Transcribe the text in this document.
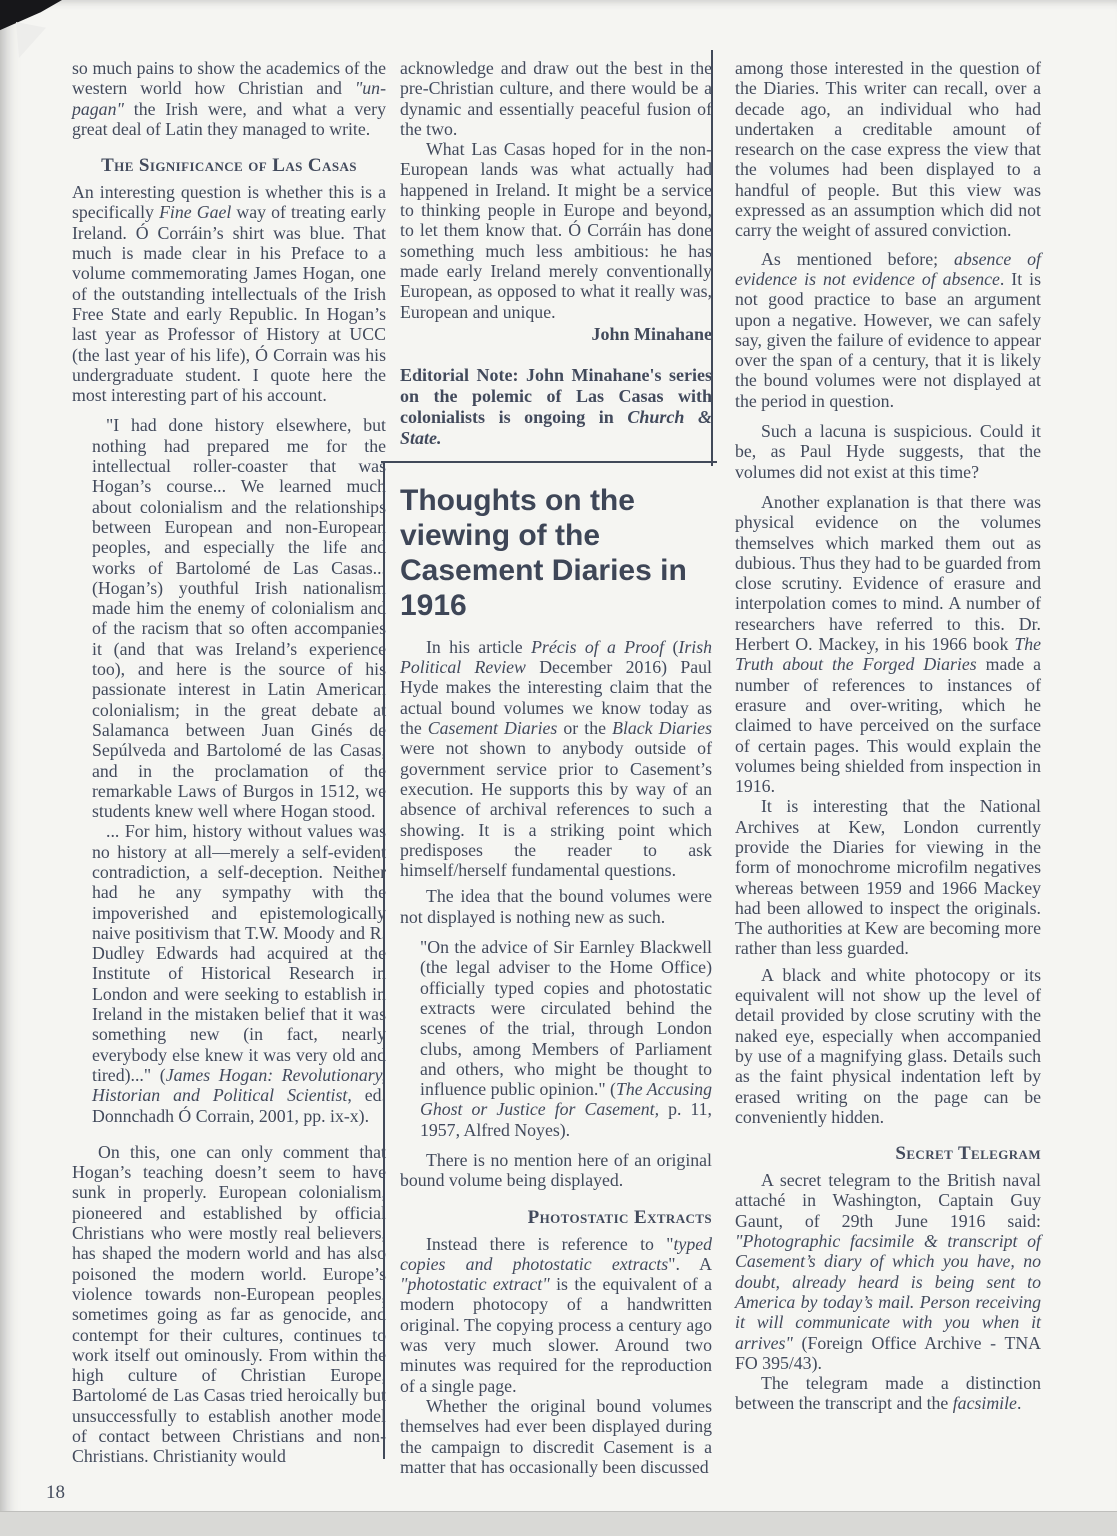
so much pains to show the academics of the western world how Christian and "un-pagan" the Irish were, and what a very great deal of Latin they managed to write.

The Significance of Las Casas

An interesting question is whether this is a specifically Fine Gael way of treating early Ireland. Ó Corráin’s shirt was blue. That much is made clear in his Preface to a volume commemorating James Hogan, one of the outstanding intellectuals of the Irish Free State and early Republic. In Hogan’s last year as Professor of History at UCC (the last year of his life), Ó Corrain was his undergraduate student. I quote here the most interesting part of his account.

"I had done history elsewhere, but nothing had prepared me for the intellectual roller-coaster that was Hogan’s course... We learned much about colonialism and the relationships between European and non-European peoples, and especially the life and works of Bartolomé de Las Casas... (Hogan’s) youthful Irish nationalism made him the enemy of colonialism and of the racism that so often accompanies it (and that was Ireland’s experience too), and here is the source of his passionate interest in Latin American colonialism; in the great debate at Salamanca between Juan Ginés de Sepúlveda and Bartolomé de las Casas, and in the proclamation of the remarkable Laws of Burgos in 1512, we students knew well where Hogan stood.

... For him, history without values was no history at all—merely a self-evident contradiction, a self-deception. Neither had he any sympathy with the impoverished and epistemologically naive positivism that T.W. Moody and R. Dudley Edwards had acquired at the Institute of Historical Research in London and were seeking to establish in Ireland in the mistaken belief that it was something new (in fact, nearly everybody else knew it was very old and tired)..." (James Hogan: Revolutionary, Historian and Political Scientist, ed. Donnchadh Ó Corrain, 2001, pp. ix-x).

On this, one can only comment that Hogan’s teaching doesn’t seem to have sunk in properly. European colonialism, pioneered and established by official Christians who were mostly real believers, has shaped the modern world and has also poisoned the modern world. Europe’s violence towards non-European peoples, sometimes going as far as genocide, and contempt for their cultures, continues to work itself out ominously. From within the high culture of Christian Europe, Bartolomé de Las Casas tried heroically but unsuccessfully to establish another model of contact between Christians and non-Christians. Christianity would

acknowledge and draw out the best in the pre-Christian culture, and there would be a dynamic and essentially peaceful fusion of the two.

What Las Casas hoped for in the non-European lands was what actually had happened in Ireland. It might be a service to thinking people in Europe and beyond, to let them know that. Ó Corráin has done something much less ambitious: he has made early Ireland merely conventionally European, as opposed to what it really was, European and unique.

John Minahane

Editorial Note: John Minahane's series on the polemic of Las Casas with colonialists is ongoing in Church & State.

Thoughts on the viewing of the Casement Diaries in 1916

In his article Précis of a Proof (Irish Political Review December 2016) Paul Hyde makes the interesting claim that the actual bound volumes we know today as the Casement Diaries or the Black Diaries were not shown to anybody outside of government service prior to Casement’s execution. He supports this by way of an absence of archival references to such a showing. It is a striking point which predisposes the reader to ask himself/herself fundamental questions.

The idea that the bound volumes were not displayed is nothing new as such.

"On the advice of Sir Earnley Blackwell (the legal adviser to the Home Office) officially typed copies and photostatic extracts were circulated behind the scenes of the trial, through London clubs, among Members of Parliament and others, who might be thought to influence public opinion." (The Accusing Ghost or Justice for Casement, p. 11, 1957, Alfred Noyes).

There is no mention here of an original bound volume being displayed.

Photostatic Extracts

Instead there is reference to "typed copies and photostatic extracts". A "photostatic extract" is the equivalent of a modern photocopy of a handwritten original. The copying process a century ago was very much slower. Around two minutes was required for the reproduction of a single page.

Whether the original bound volumes themselves had ever been displayed during the campaign to discredit Casement is a matter that has occasionally been discussed

among those interested in the question of the Diaries. This writer can recall, over a decade ago, an individual who had undertaken a creditable amount of research on the case express the view that the volumes had been displayed to a handful of people. But this view was expressed as an assumption which did not carry the weight of assured conviction.

As mentioned before; absence of evidence is not evidence of absence. It is not good practice to base an argument upon a negative. However, we can safely say, given the failure of evidence to appear over the span of a century, that it is likely the bound volumes were not displayed at the period in question.

Such a lacuna is suspicious. Could it be, as Paul Hyde suggests, that the volumes did not exist at this time?

Another explanation is that there was physical evidence on the volumes themselves which marked them out as dubious. Thus they had to be guarded from close scrutiny. Evidence of erasure and interpolation comes to mind. A number of researchers have referred to this. Dr. Herbert O. Mackey, in his 1966 book The Truth about the Forged Diaries made a number of references to instances of erasure and over-writing, which he claimed to have perceived on the surface of certain pages. This would explain the volumes being shielded from inspection in 1916.

It is interesting that the National Archives at Kew, London currently provide the Diaries for viewing in the form of monochrome microfilm negatives whereas between 1959 and 1966 Mackey had been allowed to inspect the originals. The authorities at Kew are becoming more rather than less guarded.

A black and white photocopy or its equivalent will not show up the level of detail provided by close scrutiny with the naked eye, especially when accompanied by use of a magnifying glass. Details such as the faint physical indentation left by erased writing on the page can be conveniently hidden.

Secret Telegram

A secret telegram to the British naval attaché in Washington, Captain Guy Gaunt, of 29th June 1916 said: "Photographic facsimile & transcript of Casement’s diary of which you have, no doubt, already heard is being sent to America by today’s mail. Person receiving it will communicate with you when it arrives" (Foreign Office Archive - TNA FO 395/43).

The telegram made a distinction between the transcript and the facsimile.

18
